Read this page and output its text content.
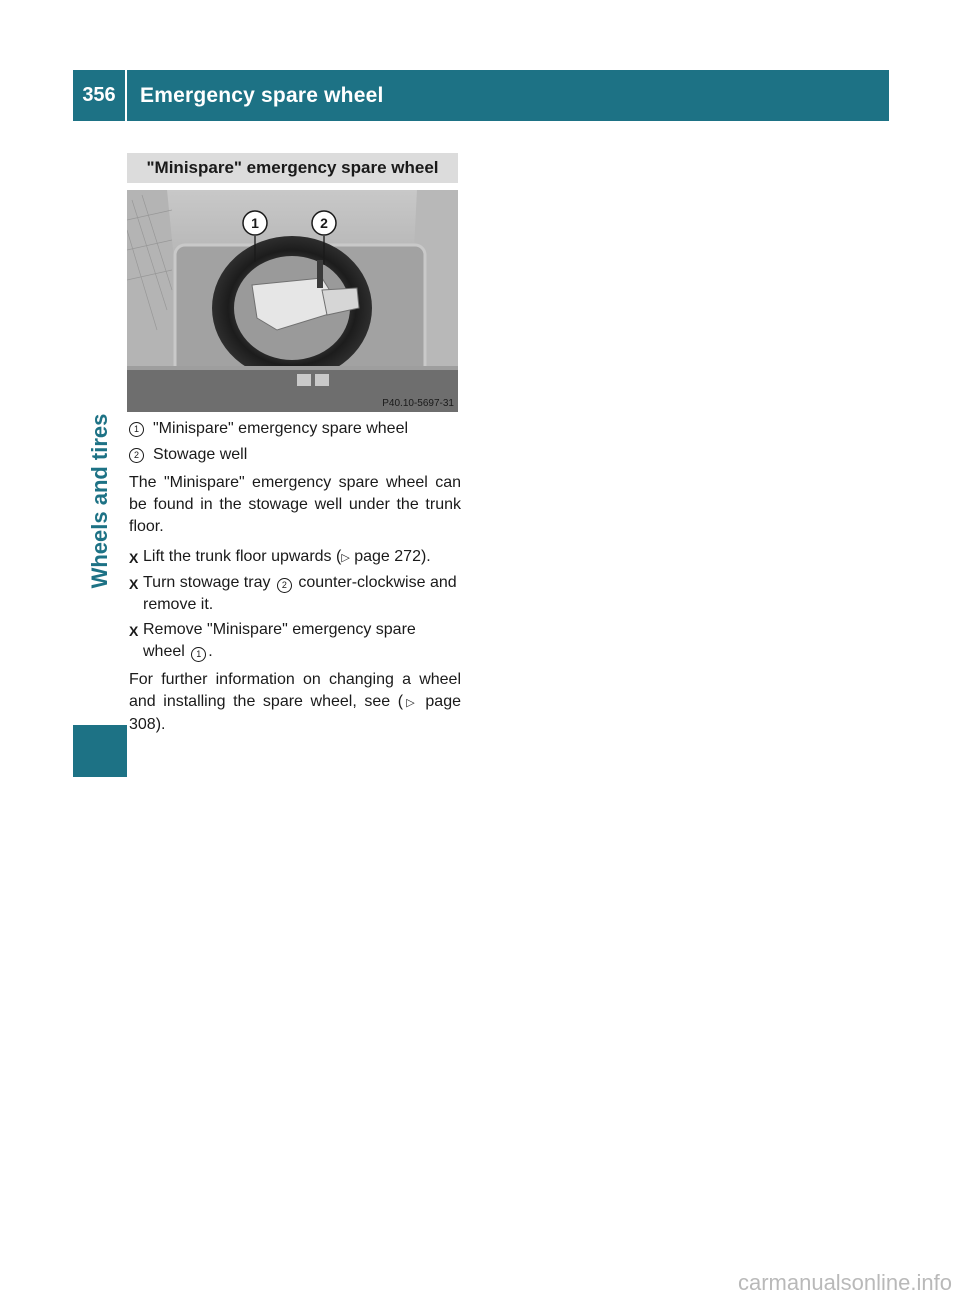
356	Emergency spare wheel
Wheels and tires
"Minispare" emergency spare wheel
1	2
P40.10-5697-31
1 "Minispare" emergency spare wheel
2 Stowage well

The "Minispare" emergency spare wheel can be found in the stowage well under the trunk floor.

X Lift the trunk floor upwards (▷ page 272).
X Turn stowage tray 2 counter-clockwise and remove it.
X Remove "Minispare" emergency spare wheel 1 .

For further information on changing a wheel and installing the spare wheel, see (▷ page 308).

carmanualsonline.info
